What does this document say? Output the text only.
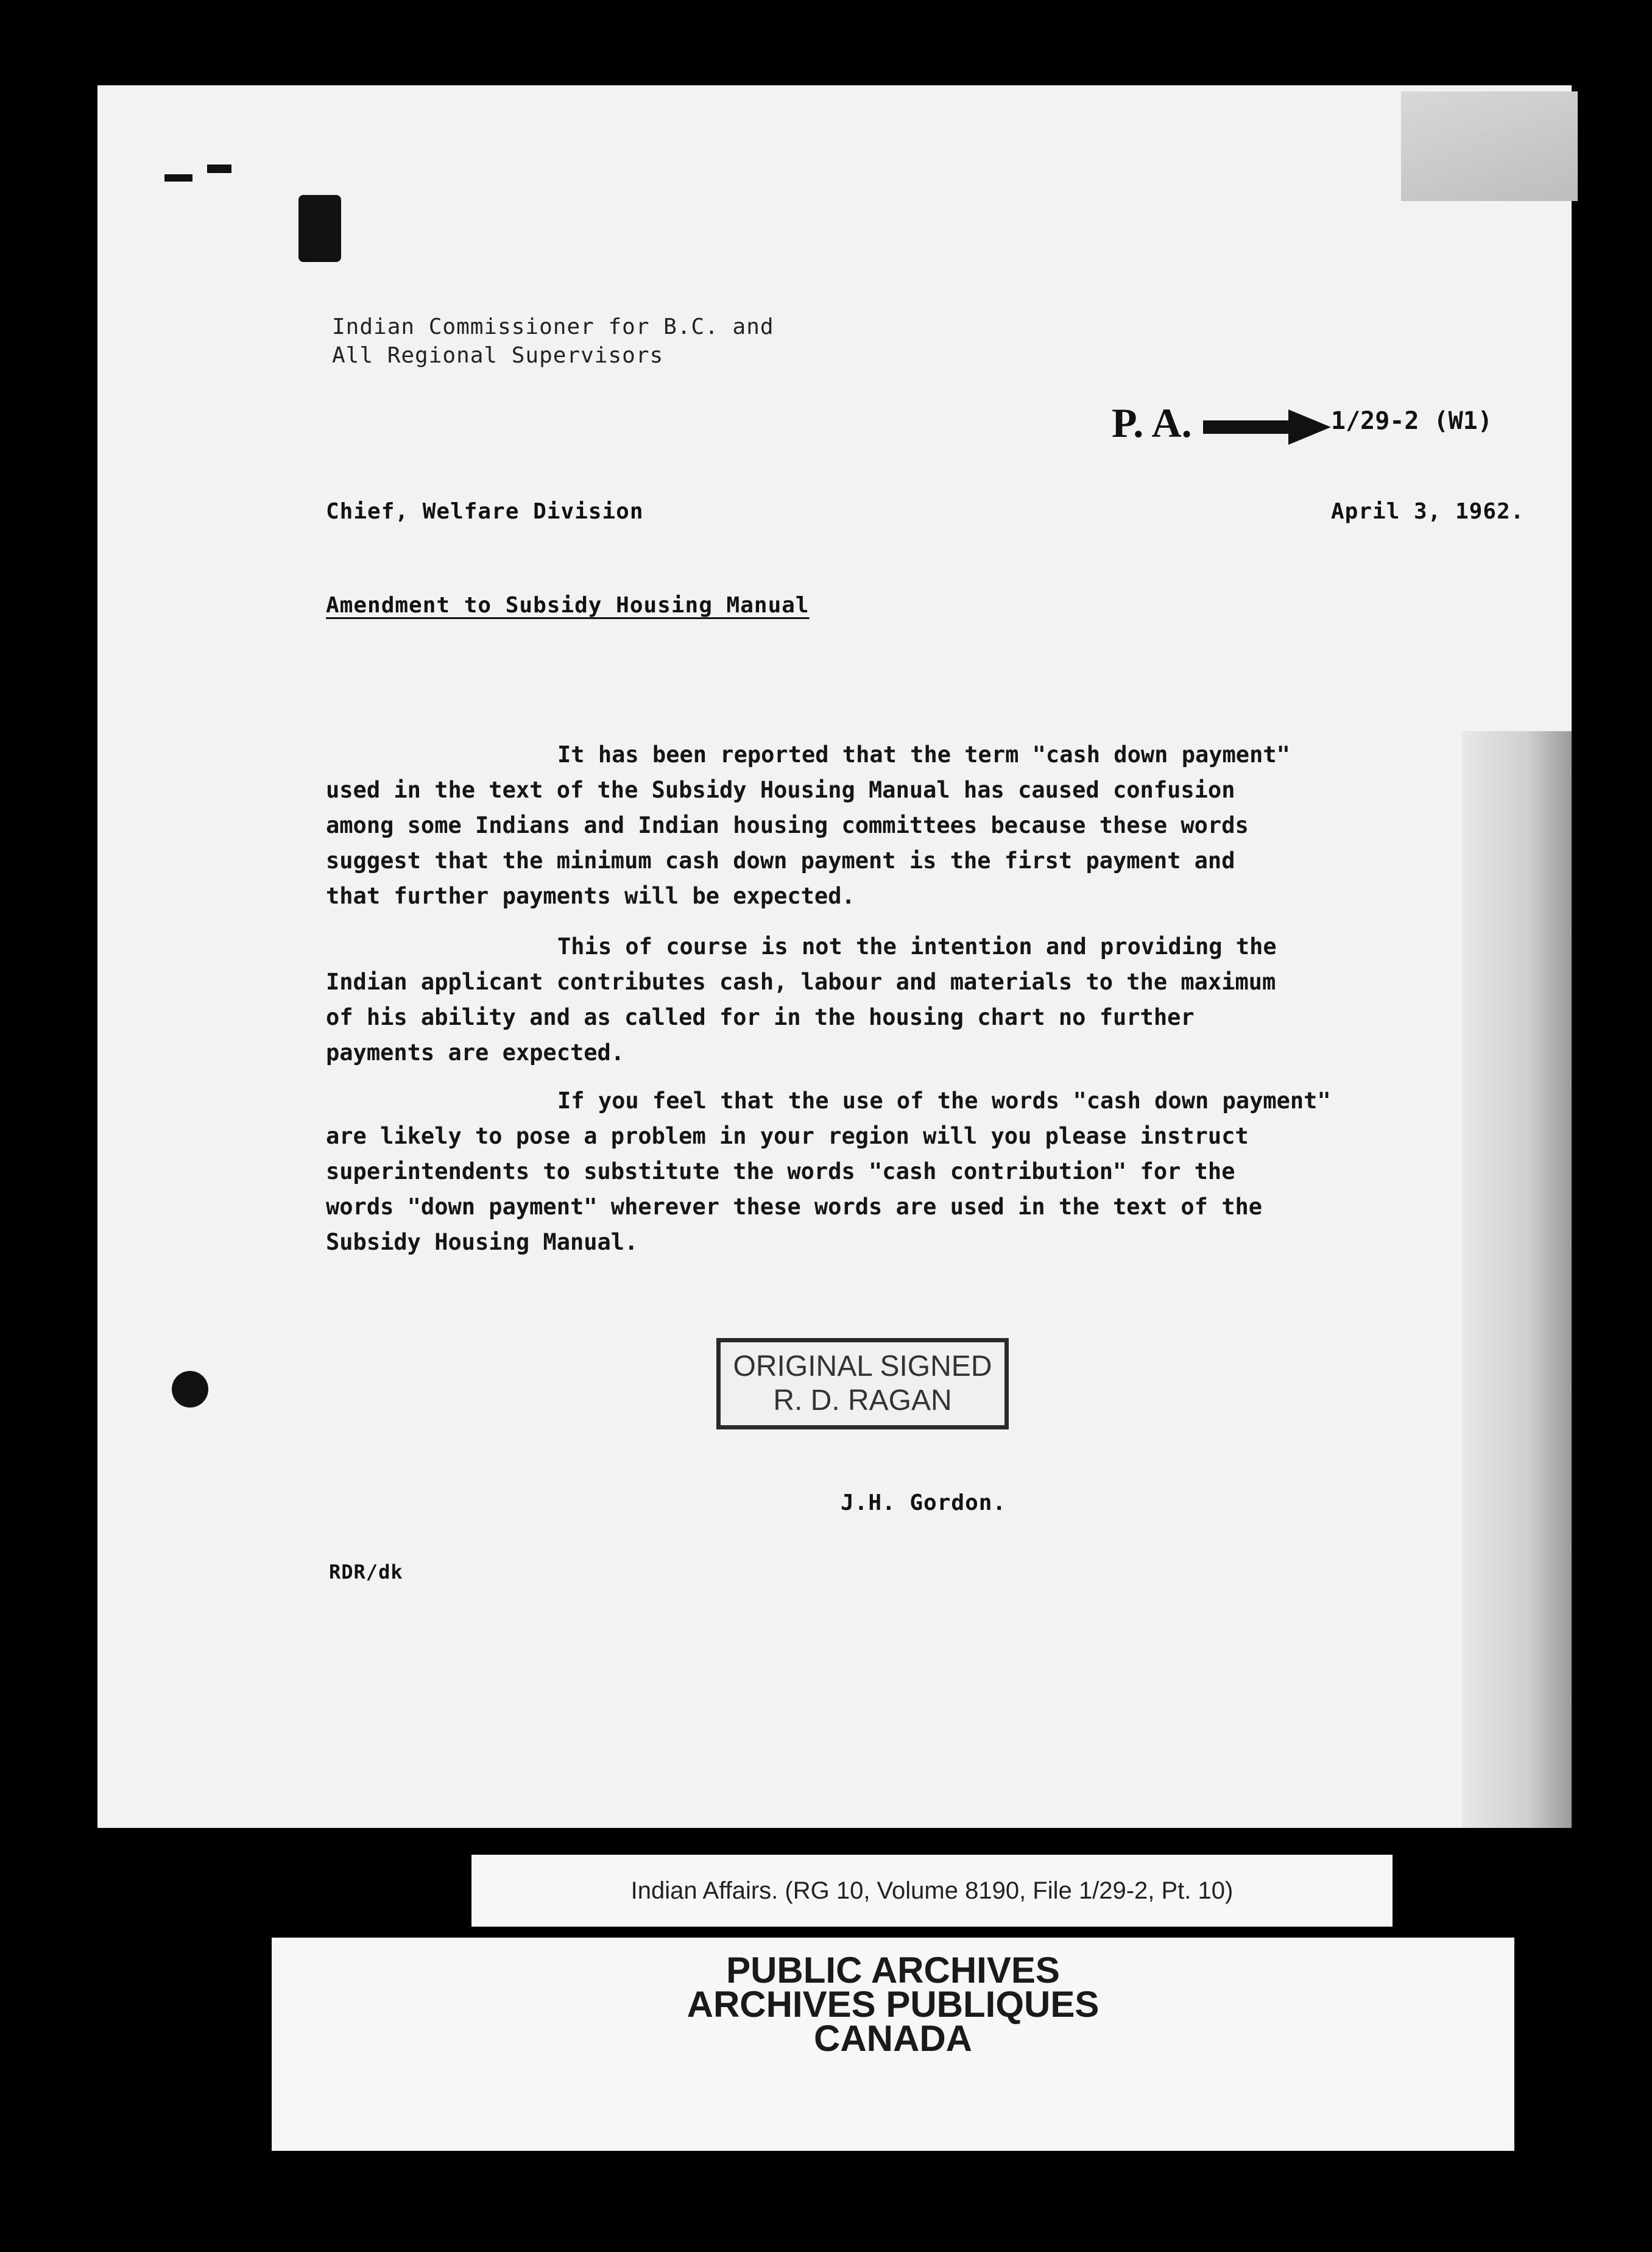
Indian Commissioner for B.C. and
All Regional Supervisors
P. A.	1/29-2 (W1)
Chief, Welfare Division	April 3, 1962.
Amendment to Subsidy Housing Manual
It has been reported that the term "cash down payment"
used in the text of the Subsidy Housing Manual has caused confusion
among some Indians and Indian housing committees because these words
suggest that the minimum cash down payment is the first payment and
that further payments will be expected.
This of course is not the intention and providing the
Indian applicant contributes cash, labour and materials to the maximum
of his ability and as called for in the housing chart no further
payments are expected.
If you feel that the use of the words "cash down payment"
are likely to pose a problem in your region will you please instruct
superintendents to substitute the words "cash contribution" for the
words "down payment" wherever these words are used in the text of the
Subsidy Housing Manual.
ORIGINAL SIGNED
R. D. RAGAN
J.H. Gordon.
RDR/dk
Indian Affairs. (RG 10, Volume 8190, File 1/29-2, Pt. 10)
PUBLIC ARCHIVES
ARCHIVES PUBLIQUES
CANADA
